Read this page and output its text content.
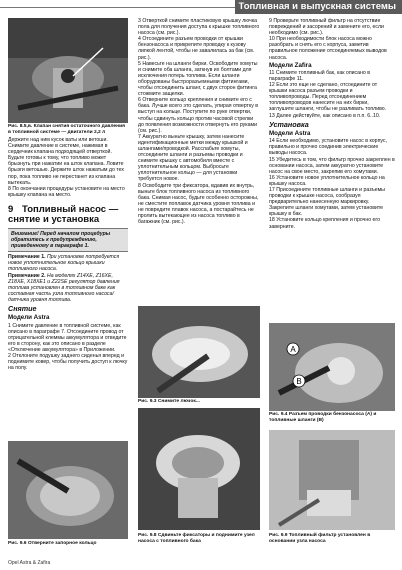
Топливная и выпускная системы 4A•11
Рис. 8.5,в. Клапан снятия остаточного давления в топливной системе — двигатели 2,2 л

Держите над ним кусок ваты или ветоши. Снимите давление в системе, нажимая в сердечник клапана подходящей отверткой. Будьте готовы к тому, что топливо может брызнуть при нажатии на шток клапана. Ловите брызги ветошью. Держите шток нажатым до тех пор, пока топливо не перестанет из клапана вытекать.

8 По окончании процедуры установите на место крышку клапана на место.

9 Топливный насос — снятие и установка
Внимание! Перед началом процедуры обратитесь к предупреждению, приведенному в параграфе 1.

Примечание 1. При установке потребуется новое уплотнительное кольцо крышки топливного насоса.

Примечание 2. На моделях Z14XE, Z16XE, Z18XE, X18XE1 и Z22SE регулятор давления топлива установлен в топливном баке как составная часть узла топливного насоса/датчика уровня топлива.

Снятие
Модели Astra

1 Снимите давление в топливной системе, как описано в параграфе 7. Отсоедините провод от отрицательной клеммы аккумулятора и отведите его в сторону, как это описано в разделе «Отключение аккумулятора» в Приложении.

2 Отклоните подушку заднего сиденья вперед и поднимите ковер, чтобы получить доступ к лючку на полу.

Рис. 9.6 Отверните запорное кольцо

3 Отверткой снимите пластиковую крышку лючка пола для получения доступа к крышке топливного насоса (см. рис.).

4 Отсоедините разъем проводки от крышки бензонасоса и прикрепите проводку к кузову липкой лентой, чтобы не завалилась за бак (см. рис.).

5 Навесьте на шланги бирки. Освободите хомуты и снимите оба шланга, заткнув их болтами для исключения потерь топлива. Если шланги оборудованы быстроразъемными фитингами, чтобы отсоединить шланг, с двух сторон фитинга стожмите защелки.

6 Отверните кольцо крепления и снимите его с бака. Лучше всего это сделать, упирая отвертку в выступ на кольце. Поступите по руке отвертки, чтобы сдвинуть кольцо против часовой стрелки до появления возможности отвернуть его руками (см. рис.).

7 Аккуратно выньте крышку, затем нанесите идентификационные метки между крышкой и шлангами/проводкой. Расслабьте хомуты, отсоедините шланги и разъемы проводки и снимите крышку с автомобиля вместе с уплотнительным кольцом. Выбросьте уплотнительное кольцо — для установки требуется новое.

8 Освободите три фиксатора, вдавив их внутрь, выньте блок топливного насоса из топливного бака. Снимая насос, будьте особенно осторожны, не сместите поплавок датчика уровня топлива и не повредите плавок насоса, а постарайтесь не пролить вытекающее из насоса топливо в багажник (см. рис.).

Рис. 9.3 Снимите лючок...
Рис. 9.8 Сдвиньте фиксаторы и поднимите узел насоса с топливного бака

9 Проверьте топливный фильтр на отсутствие повреждений и засорений и замените его, если необходимо (см. рис.).

10 При необходимости блок насоса можно разобрать и снять его с корпуса, заметив правильное положение отсоединяемых выводов насоса.

Модели Zafira

11 Снимите топливный бак, как описано в параграфе 11.

12 Если это еще не сделано, отсоедините от крышки насоса разъем проводки и топливопроводы. Перед отсоединением топливопроводов нанесите на них бирки, заглушите шланги, чтобы не разливать топливо.

13 Далее действуйте, как описано в п.п. 6..10.

Установка
Модели Astra

14 Если необходимо, установите насос в корпус, правильно и прочно соединив электрические выводы насоса.

15 Убедитесь в том, что фильтр прочно закреплен в основании насоса, затем аккуратно установите насос на свое место, закрепив его хомутами.

16 Установите новое уплотнительное кольцо на крышку насоса.

17 Присоедините топливные шланги и разъемы проводки к крышке насоса, сообразуя предварительно нанесенную маркировку. Закрепите шланги хомутами, затем установите крышку в бак.

18 Установите кольцо крепления и прочно его заверните.

A
B
Рис. 9.4 Разъем проводки бензонасоса (А) и топливные шланги (В)
Рис. 9.9 Топливный фильтр установлен в основании узла насоса
Opel Astra & Zafira
